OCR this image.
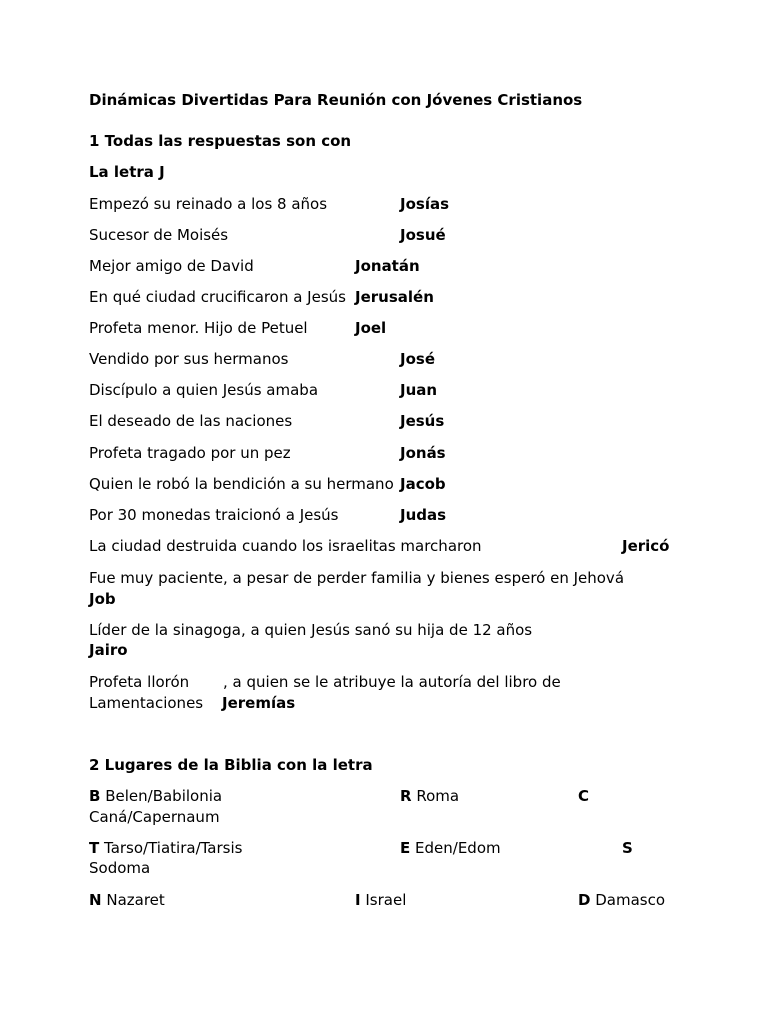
Dinámicas Divertidas Para Reunión con Jóvenes Cristianos
1 Todas las respuestas son con
La letra J
Empezó su reinado a los 8 años	Josías
Sucesor de Moisés	Josué
Mejor amigo de David	Jonatán
En qué ciudad crucificaron a Jesús Jerusalén
Profeta menor. Hijo de Petuel	Joel
Vendido por sus hermanos	José
Discípulo a quien Jesús amaba	Juan
El deseado de las naciones	Jesús
Profeta tragado por un pez	Jonás
Quien le robó la bendición a su hermano Jacob
Por 30 monedas traicionó a Jesús	Judas
La ciudad destruida cuando los israelitas marcharon	Jericó
Fue muy paciente, a pesar de perder familia y bienes esperó en Jehová
Job
Líder de la sinagoga, a quien Jesús sanó su hija de 12 años
Jairo
Profeta llorón , a quien se le atribuye la autoría del libro de
Lamentaciones Jeremías
2 Lugares de la Biblia con la letra
B Belen/Babilonia	R Roma	C
Caná/Capernaum
T Tarso/Tiatira/Tarsis	E Eden/Edom	S
Sodoma
N Nazaret	I Israel	D Damasco
